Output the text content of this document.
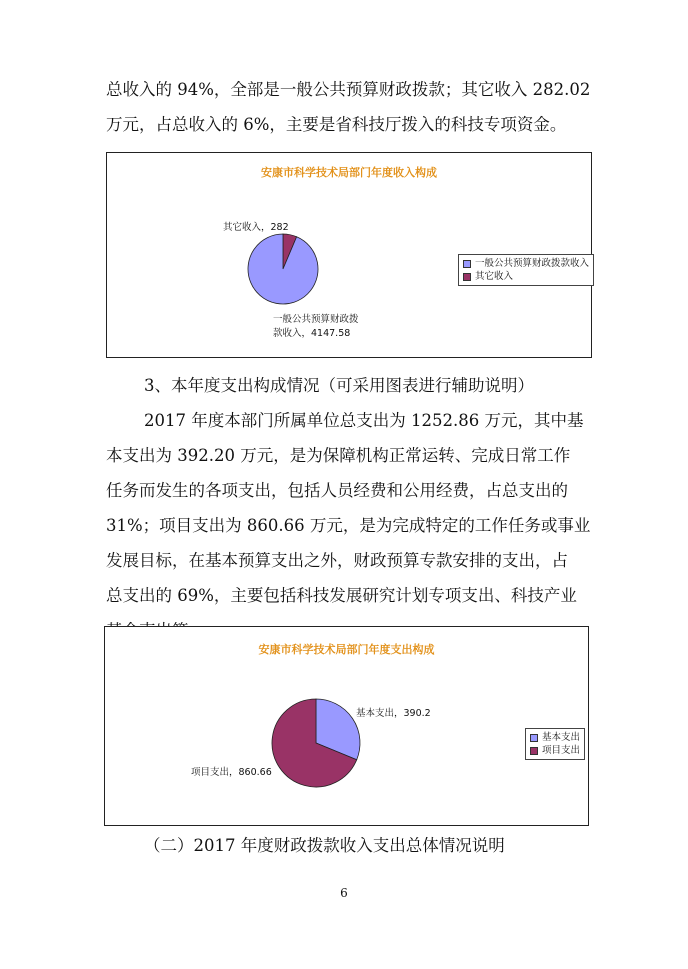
总收入的 94%，全部是一般公共预算财政拨款；其它收入 282.02
万元，占总收入的 6%，主要是省科技厅拨入的科技专项资金。
安康市科学技术局部门年度收入构成
其它收入，282
一般公共预算财政拨
款收入，4147.58
一般公共预算财政拨款收入
其它收入
3、本年度支出构成情况（可采用图表进行辅助说明）
2017 年度本部门所属单位总支出为 1252.86 万元，其中基
本支出为 392.20 万元，是为保障机构正常运转、完成日常工作
任务而发生的各项支出，包括人员经费和公用经费，占总支出的
31%；项目支出为 860.66 万元，是为完成特定的工作任务或事业
发展目标，在基本预算支出之外，财政预算专款安排的支出，占
总支出的 69%，主要包括科技发展研究计划专项支出、科技产业
安康市科学技术局部门年度支出构成
基本支出，390.2
项目支出，860.66
基本支出
项目支出
（二）2017 年度财政拨款收入支出总体情况说明
6
